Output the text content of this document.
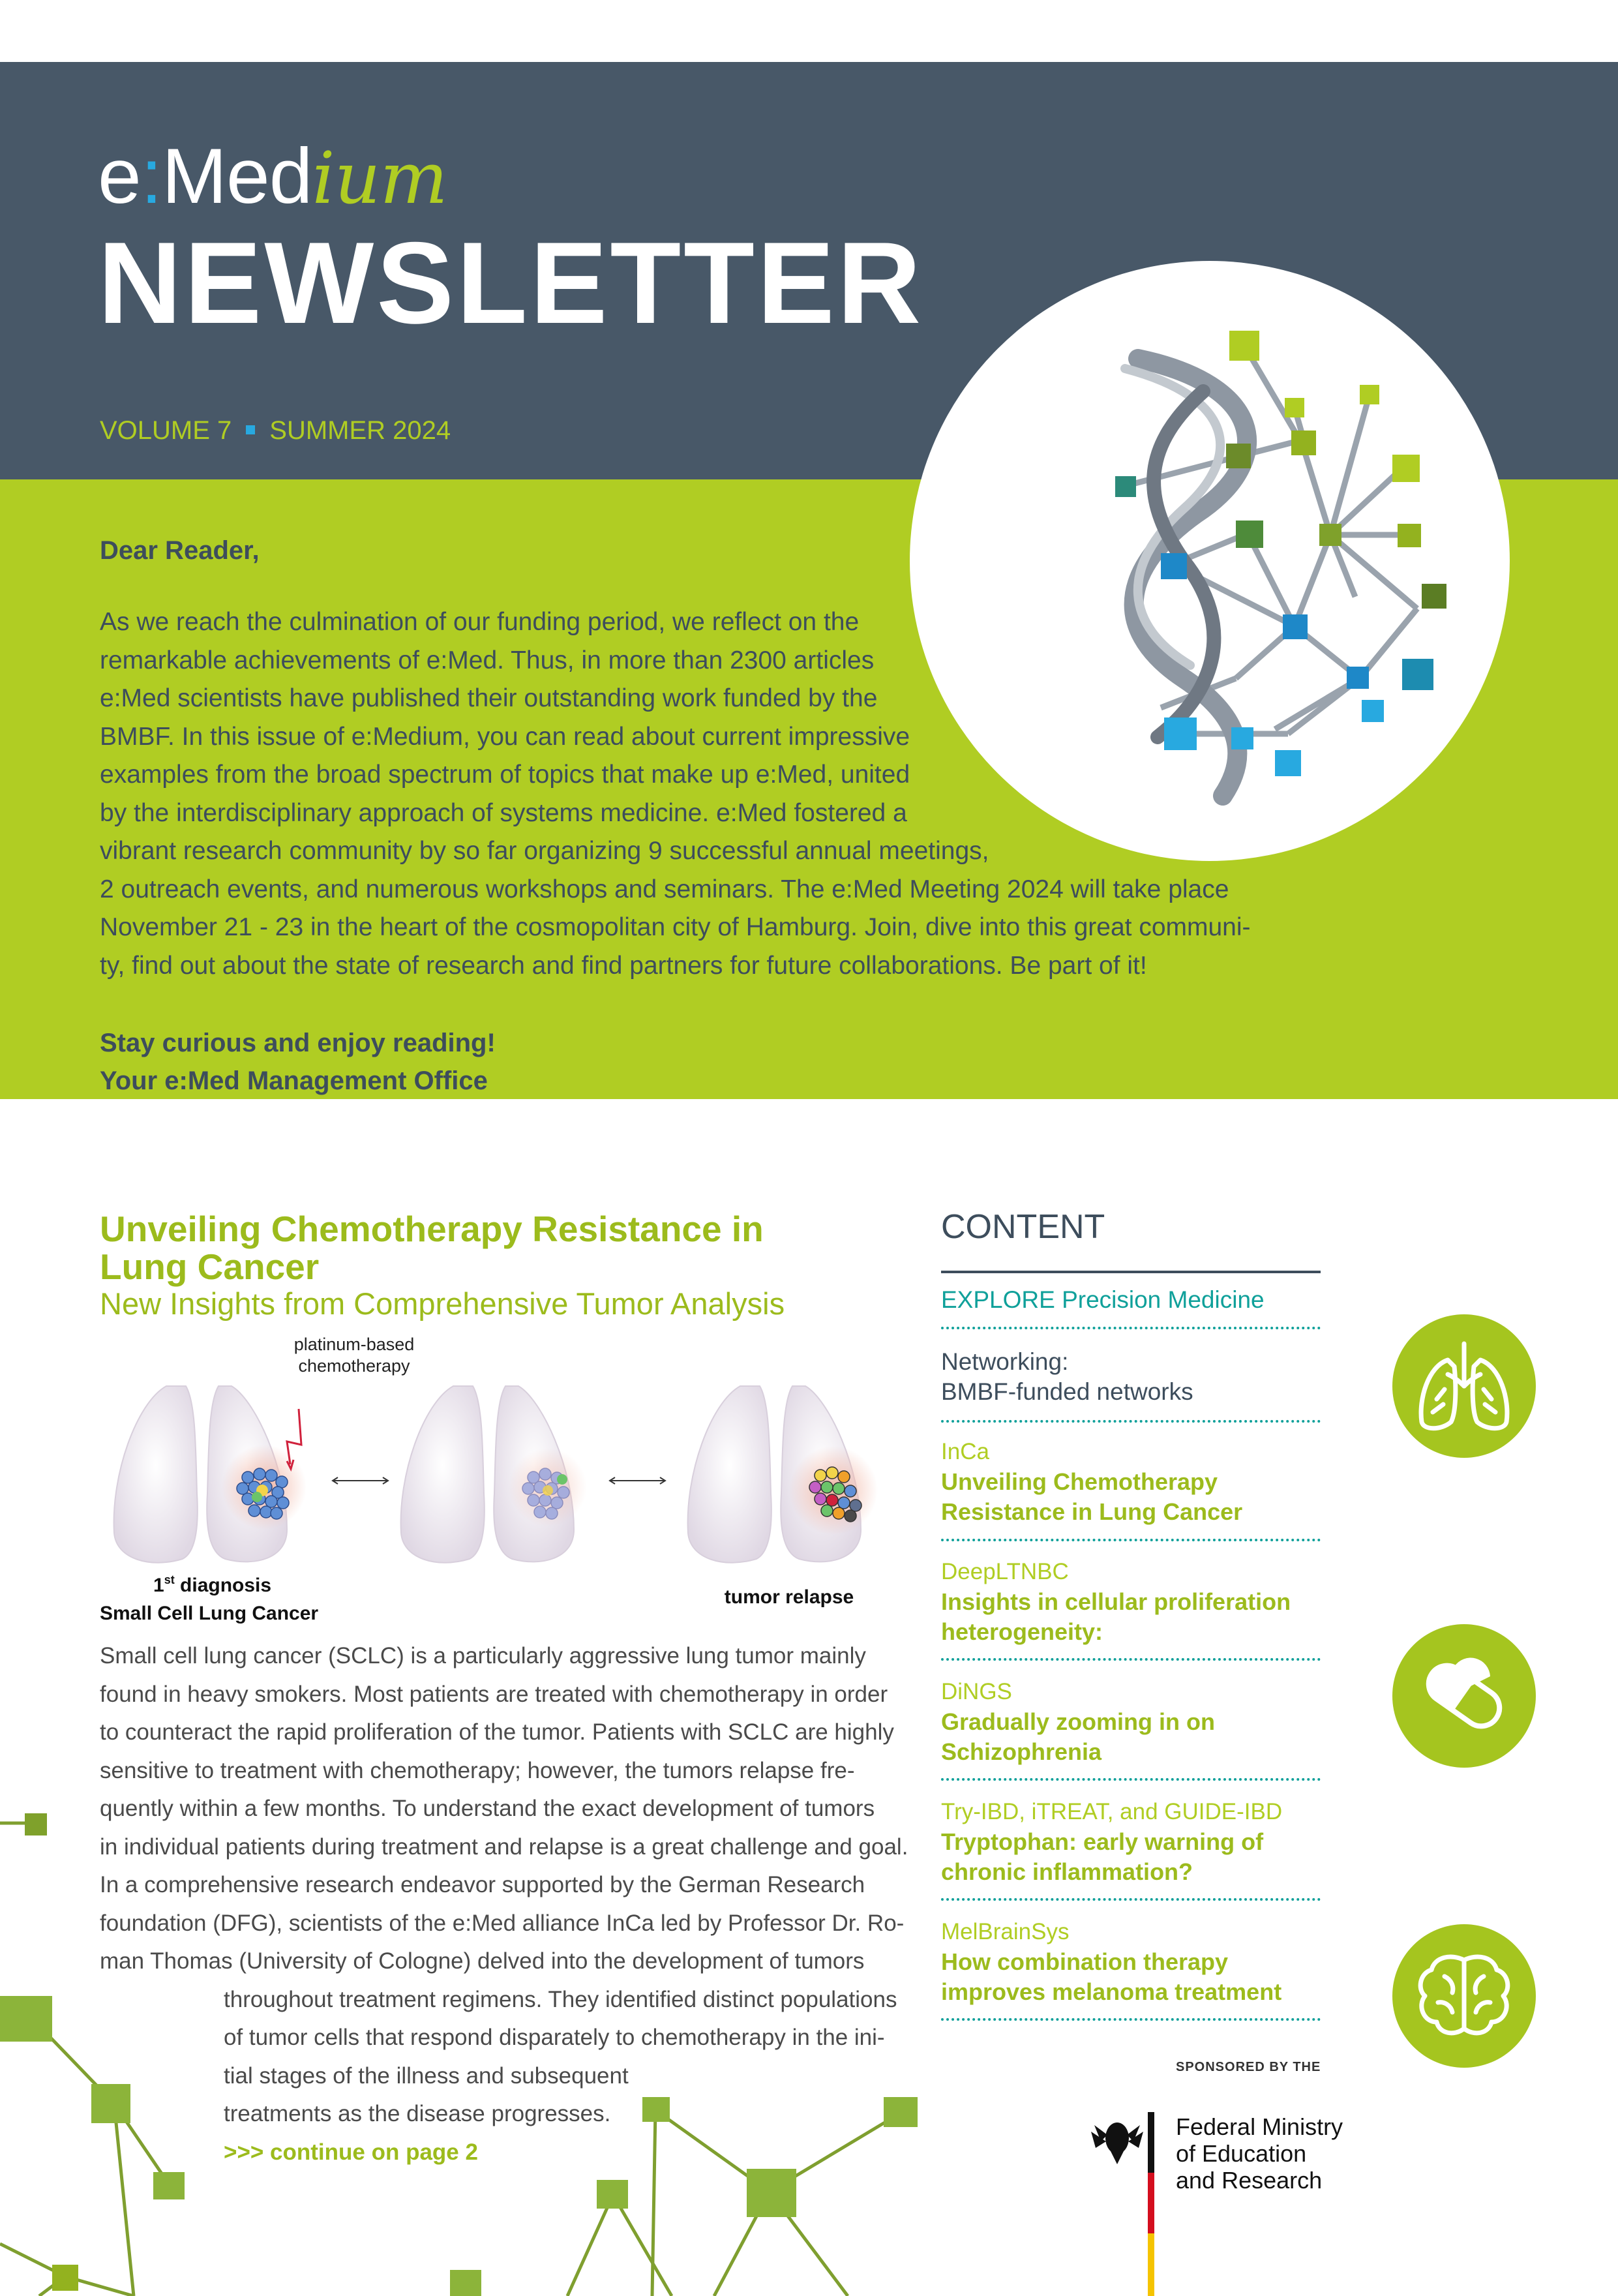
e:Medium
NEWSLETTER
VOLUME 7 SUMMER 2024
Dear Reader,
As we reach the culmination of our funding period, we reflect on the
remarkable achievements of e:Med. Thus, in more than 2300 articles
e:Med scientists have published their outstanding work funded by the
BMBF. In this issue of e:Medium, you can read about current impressive
examples from the broad spectrum of topics that make up e:Med, united
by the interdisciplinary approach of systems medicine. e:Med fostered a
vibrant research community by so far organizing 9 successful annual meetings,
2 outreach events, and numerous workshops and seminars. The e:Med Meeting 2024 will take place
November 21 - 23 in the heart of the cosmopolitan city of Hamburg. Join, dive into this great communi-
ty, find out about the state of research and find partners for future collaborations. Be part of it!
Stay curious and enjoy reading!
Your e:Med Management Office
Unveiling Chemotherapy Resistance in
Lung Cancer
New Insights from Comprehensive Tumor Analysis
platinum-based
chemotherapy
1st diagnosis
Small Cell Lung Cancer
tumor relapse
Small cell lung cancer (SCLC) is a particularly aggressive lung tumor mainly
found in heavy smokers. Most patients are treated with chemotherapy in order
to counteract the rapid proliferation of the tumor. Patients with SCLC are highly
sensitive to treatment with chemotherapy; however, the tumors relapse fre-
quently within a few months. To understand the exact development of tumors
in individual patients during treatment and relapse is a great challenge and goal.
In a comprehensive research endeavor supported by the German Research
foundation (DFG), scientists of the e:Med alliance InCa led by Professor Dr. Ro-
man Thomas (University of Cologne) delved into the development of tumors
throughout treatment regimens. They identified distinct populations
of tumor cells that respond disparately to chemotherapy in the ini-
tial stages of the illness and subsequent
treatments as the disease progresses.
>>> continue on page 2
CONTENT
EXPLORE Precision Medicine
Networking:
BMBF-funded networks
InCa
Unveiling Chemotherapy
Resistance in Lung Cancer
DeepLTNBC
Insights in cellular proliferation
heterogeneity:
DiNGS
Gradually zooming in on
Schizophrenia
Try-IBD, iTREAT, and GUIDE-IBD
Tryptophan: early warning of
chronic inflammation?
MelBrainSys
How combination therapy
improves melanoma treatment
SPONSORED BY THE
Federal Ministry
of Education
and Research
